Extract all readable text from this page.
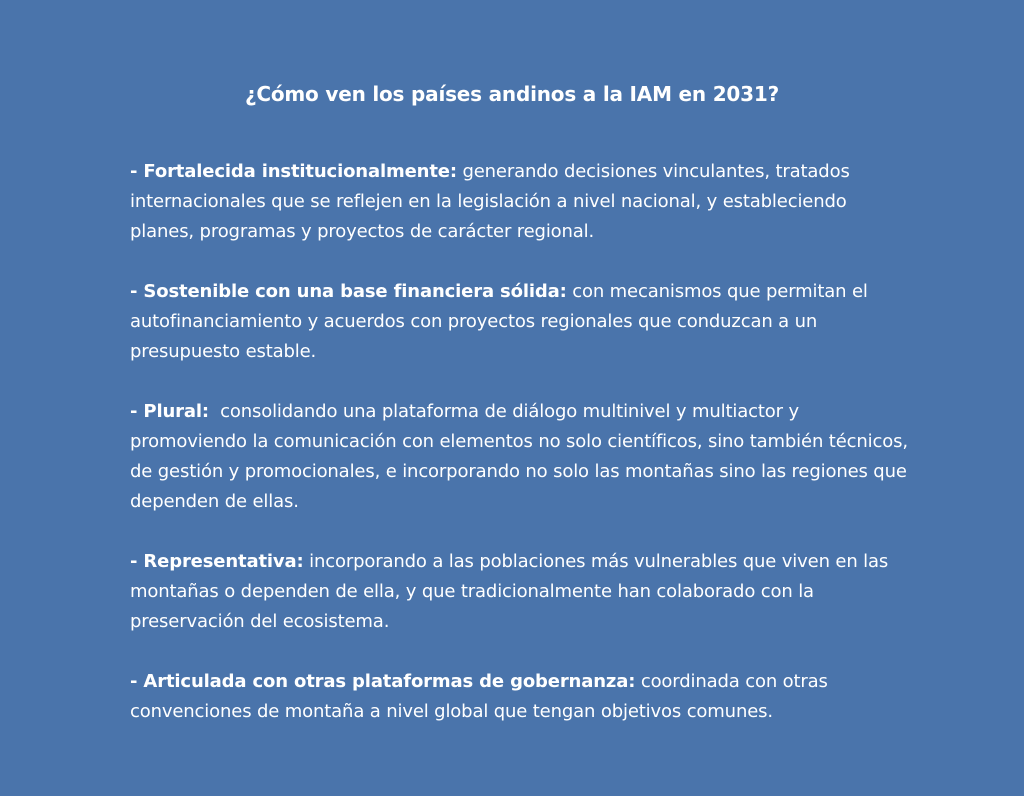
¿Cómo ven los países andinos a la IAM en 2031?

- Fortalecida institucionalmente: generando decisiones vinculantes, tratados internacionales que se reflejen en la legislación a nivel nacional, y estableciendo planes, programas y proyectos de carácter regional.

- Sostenible con una base financiera sólida: con mecanismos que permitan el autofinanciamiento y acuerdos con proyectos regionales que conduzcan a un presupuesto estable.

- Plural:  consolidando una plataforma de diálogo multinivel y multiactor y promoviendo la comunicación con elementos no solo científicos, sino también técnicos, de gestión y promocionales, e incorporando no solo las montañas sino las regiones que dependen de ellas.

- Representativa: incorporando a las poblaciones más vulnerables que viven en las montañas o dependen de ella, y que tradicionalmente han colaborado con la preservación del ecosistema.

- Articulada con otras plataformas de gobernanza: coordinada con otras convenciones de montaña a nivel global que tengan objetivos comunes.
